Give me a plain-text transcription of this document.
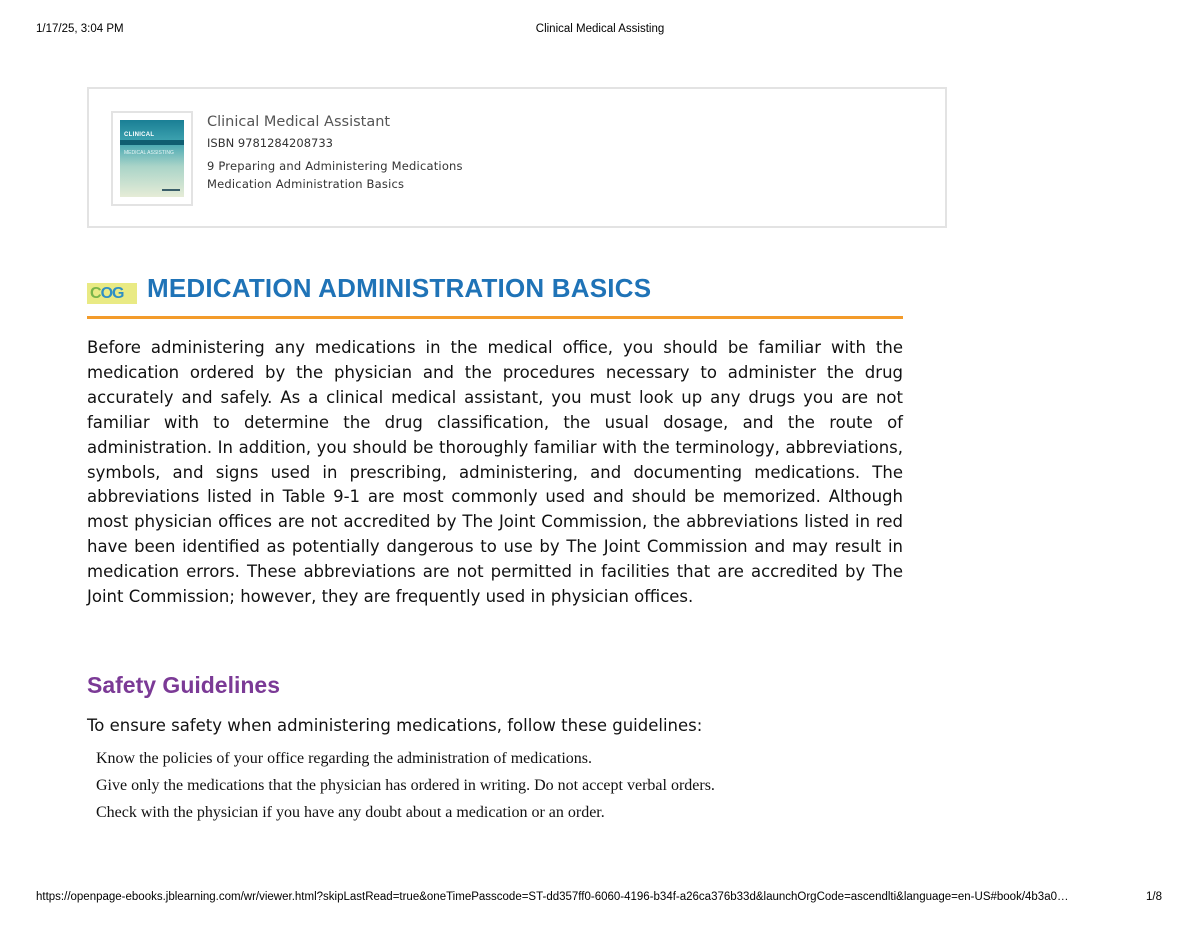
1/17/25, 3:04 PM	Clinical Medical Assisting
CLINICAL
MEDICAL ASSISTING
Clinical Medical Assistant
ISBN 9781284208733
9 Preparing and Administering Medications
Medication Administration Basics
COG MEDICATION ADMINISTRATION BASICS
Before administering any medications in the medical office, you should be familiar with the medication ordered by the physician and the procedures necessary to administer the drug accurately and safely. As a clinical medical assistant, you must look up any drugs you are not familiar with to determine the drug classification, the usual dosage, and the route of administration. In addition, you should be thoroughly familiar with the terminology, abbreviations, symbols, and signs used in prescribing, administering, and documenting medications. The abbreviations listed in Table 9-1 are most commonly used and should be memorized. Although most physician offices are not accredited by The Joint Commission, the abbreviations listed in red have been identified as potentially dangerous to use by The Joint Commission and may result in medication errors. These abbreviations are not permitted in facilities that are accredited by The Joint Commission; however, they are frequently used in physician offices.
Safety Guidelines
To ensure safety when administering medications, follow these guidelines:
Know the policies of your office regarding the administration of medications.
Give only the medications that the physician has ordered in writing. Do not accept verbal orders.
Check with the physician if you have any doubt about a medication or an order.
https://openpage-ebooks.jblearning.com/wr/viewer.html?skipLastRead=true&oneTimePasscode=ST-dd357ff0-6060-4196-b34f-a26ca376b33d&launchOrgCode=ascendlti&language=en-US#book/4b3a0…	1/8
